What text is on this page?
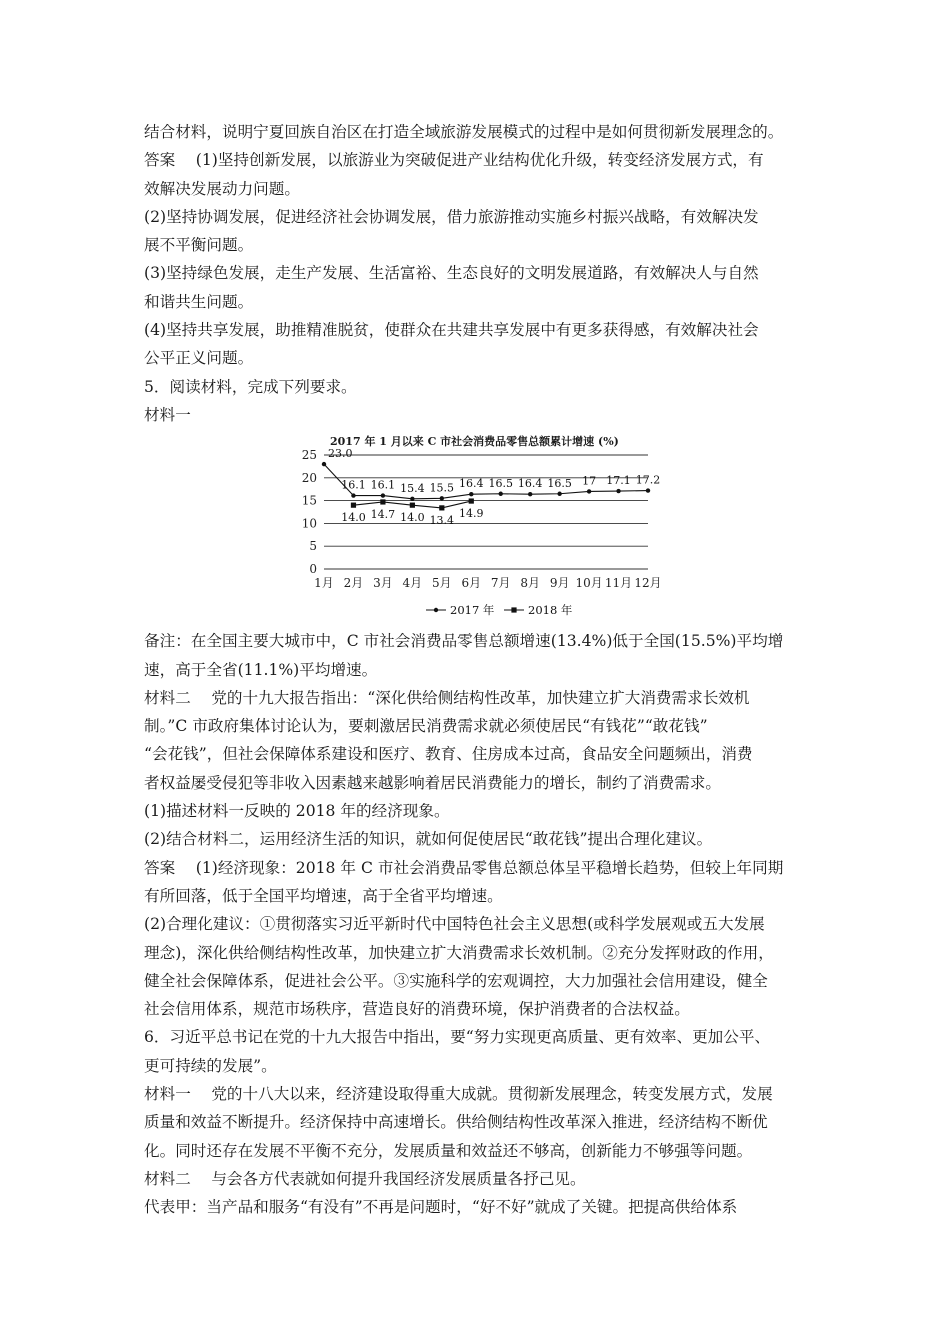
结合材料，说明宁夏回族自治区在打造全域旅游发展模式的过程中是如何贯彻新发展理念的。
答案　 (1)坚持创新发展，以旅游业为突破促进产业结构优化升级，转变经济发展方式，有
效解决发展动力问题。
(2)坚持协调发展，促进经济社会协调发展，借力旅游推动实施乡村振兴战略，有效解决发
展不平衡问题。
(3)坚持绿色发展，走生产发展、生活富裕、生态良好的文明发展道路，有效解决人与自然
和谐共生问题。
(4)坚持共享发展，助推精准脱贫，使群众在共建共享发展中有更多获得感，有效解决社会
公平正义问题。
5．阅读材料，完成下列要求。
材料一
2017 年 1 月以来 C 市社会消费品零售总额累计增速 (%)
0
5
10
15
20
25
1月 2月 3月 4月 5月 6月 7月 8月 9月 10月 11月 12月
23.0
16.1 16.1 15.4 15.5 16.4 16.5 16.4 16.5 17 17.1 17.2
14.0 14.7 14.0 13.4
14.9
2017 年	2018 年
备注：在全国主要大城市中，C 市社会消费品零售总额增速(13.4%)低于全国(15.5%)平均增
速，高于全省(11.1%)平均增速。
材料二　 党的十九大报告指出：“深化供给侧结构性改革，加快建立扩大消费需求长效机
制。”C 市政府集体讨论认为，要刺激居民消费需求就必须使居民“有钱花”“敢花钱”
“会花钱”，但社会保障体系建设和医疗、教育、住房成本过高，食品安全问题频出，消费
者权益屡受侵犯等非收入因素越来越影响着居民消费能力的增长，制约了消费需求。
(1)描述材料一反映的 2018 年的经济现象。
(2)结合材料二，运用经济生活的知识，就如何促使居民“敢花钱”提出合理化建议。
答案　 (1)经济现象：2018 年 C 市社会消费品零售总额总体呈平稳增长趋势，但较上年同期
有所回落，低于全国平均增速，高于全省平均增速。
(2)合理化建议：①贯彻落实习近平新时代中国特色社会主义思想(或科学发展观或五大发展
理念)，深化供给侧结构性改革，加快建立扩大消费需求长效机制。②充分发挥财政的作用，
健全社会保障体系，促进社会公平。③实施科学的宏观调控，大力加强社会信用建设，健全
社会信用体系，规范市场秩序，营造良好的消费环境，保护消费者的合法权益。
6．习近平总书记在党的十九大报告中指出，要“努力实现更高质量、更有效率、更加公平、
更可持续的发展”。
材料一　 党的十八大以来，经济建设取得重大成就。贯彻新发展理念，转变发展方式，发展
质量和效益不断提升。经济保持中高速增长。供给侧结构性改革深入推进，经济结构不断优
化。同时还存在发展不平衡不充分，发展质量和效益还不够高，创新能力不够强等问题。
材料二　 与会各方代表就如何提升我国经济发展质量各抒己见。
代表甲：当产品和服务“有没有”不再是问题时，“好不好”就成了关键。把提高供给体系
